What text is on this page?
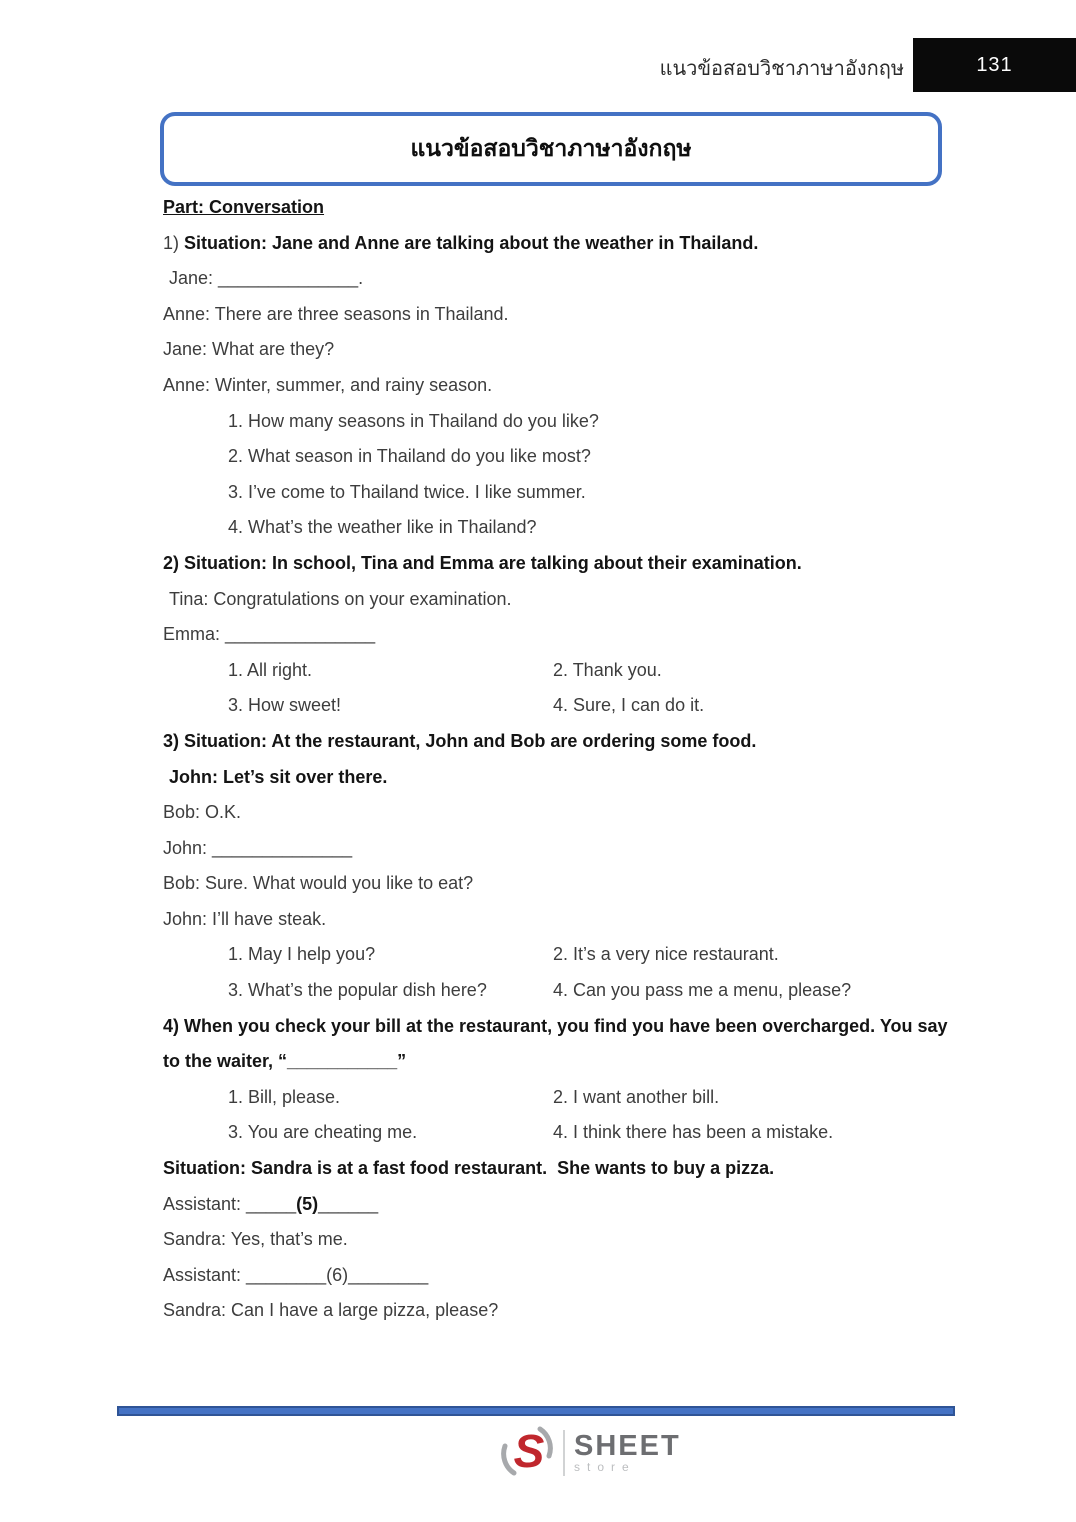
แนวข้อสอบวิชาภาษาอังกฤษ	131
แนวข้อสอบวิชาภาษาอังกฤษ
Part: Conversation
1) Situation: Jane and Anne are talking about the weather in Thailand.
Jane: ______________.
Anne: There are three seasons in Thailand.
Jane: What are they?
Anne: Winter, summer, and rainy season.
1. How many seasons in Thailand do you like?
2. What season in Thailand do you like most?
3. I’ve come to Thailand twice. I like summer.
4. What’s the weather like in Thailand?
2) Situation: In school, Tina and Emma are talking about their examination.
Tina: Congratulations on your examination.
Emma: _______________
1. All right.	2. Thank you.
3. How sweet!	4. Sure, I can do it.
3) Situation: At the restaurant, John and Bob are ordering some food.
John: Let’s sit over there.
Bob: O.K.
John: ______________
Bob: Sure. What would you like to eat?
John: I’ll have steak.
1. May I help you?	2. It’s a very nice restaurant.
3. What’s the popular dish here?	4. Can you pass me a menu, please?
4) When you check your bill at the restaurant, you find you have been overcharged. You say
to the waiter, “___________”
1. Bill, please.	2. I want another bill.
3. You are cheating me.	4. I think there has been a mistake.
Situation: Sandra is at a fast food restaurant.  She wants to buy a pizza.
Assistant: _____(5)______
Sandra: Yes, that’s me.
Assistant: ________(6)________
Sandra: Can I have a large pizza, please?
S SHEET
store
